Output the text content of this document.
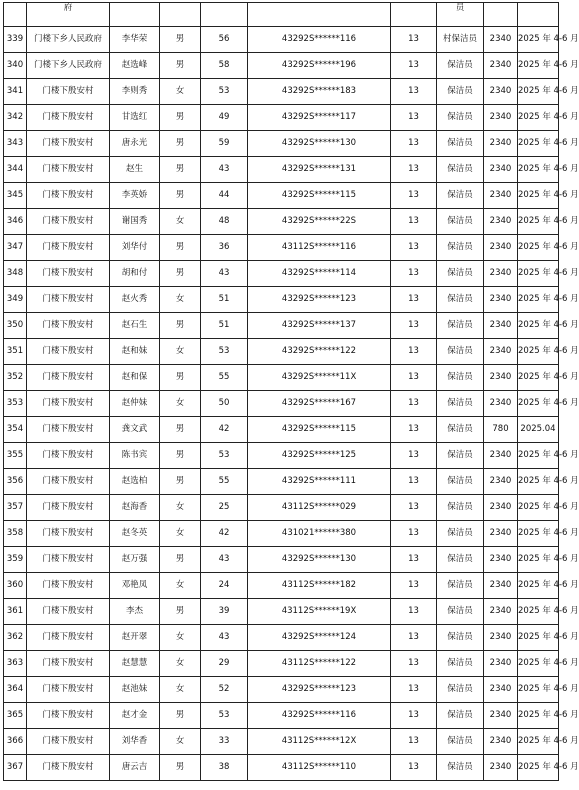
	府						员		
339	门楼下乡人民政府	李华荣	男	56	43292S******116	13	村保洁员	2340	2025 年 4-6 月
340	门楼下乡人民政府	赵选峰	男	58	43292S******196	13	保洁员	2340	2025 年 4-6 月
341	门楼下殷安村	李则秀	女	53	43292S******183	13	保洁员	2340	2025 年 4-6 月
342	门楼下殷安村	甘选红	男	49	43292S******117	13	保洁员	2340	2025 年 4-6 月
343	门楼下殷安村	唐永光	男	59	43292S******130	13	保洁员	2340	2025 年 4-6 月
344	门楼下殷安村	赵生	男	43	43292S******131	13	保洁员	2340	2025 年 4-6 月
345	门楼下殷安村	李英娇	男	44	43292S******115	13	保洁员	2340	2025 年 4-6 月
346	门楼下殷安村	谢国秀	女	48	43292S******22S	13	保洁员	2340	2025 年 4-6 月
347	门楼下殷安村	刘华付	男	36	43112S******116	13	保洁员	2340	2025 年 4-6 月
348	门楼下殷安村	胡和付	男	43	43292S******114	13	保洁员	2340	2025 年 4-6 月
349	门楼下殷安村	赵火秀	女	51	43292S******123	13	保洁员	2340	2025 年 4-6 月
350	门楼下殷安村	赵石生	男	51	43292S******137	13	保洁员	2340	2025 年 4-6 月
351	门楼下殷安村	赵和妹	女	53	43292S******122	13	保洁员	2340	2025 年 4-6 月
352	门楼下殷安村	赵和保	男	55	43292S******11X	13	保洁员	2340	2025 年 4-6 月
353	门楼下殷安村	赵仲妹	女	50	43292S******167	13	保洁员	2340	2025 年 4-6 月
354	门楼下殷安村	龚文武	男	42	43292S******115	13	保洁员	780	2025.04
355	门楼下殷安村	陈书宾	男	53	43292S******125	13	保洁员	2340	2025 年 4-6 月
356	门楼下殷安村	赵选柏	男	55	43292S******111	13	保洁员	2340	2025 年 4-6 月
357	门楼下殷安村	赵海香	女	25	43112S******029	13	保洁员	2340	2025 年 4-6 月
358	门楼下殷安村	赵冬英	女	42	431021******380	13	保洁员	2340	2025 年 4-6 月
359	门楼下殷安村	赵万强	男	43	43292S******130	13	保洁员	2340	2025 年 4-6 月
360	门楼下殷安村	邓艳凤	女	24	43112S******182	13	保洁员	2340	2025 年 4-6 月
361	门楼下殷安村	李杰	男	39	43112S******19X	13	保洁员	2340	2025 年 4-6 月
362	门楼下殷安村	赵开翠	女	43	43292S******124	13	保洁员	2340	2025 年 4-6 月
363	门楼下殷安村	赵慧慧	女	29	43112S******122	13	保洁员	2340	2025 年 4-6 月
364	门楼下殷安村	赵池妹	女	52	43292S******123	13	保洁员	2340	2025 年 4-6 月
365	门楼下殷安村	赵才金	男	53	43292S******116	13	保洁员	2340	2025 年 4-6 月
366	门楼下殷安村	刘华香	女	33	43112S******12X	13	保洁员	2340	2025 年 4-6 月
367	门楼下殷安村	唐云吉	男	38	43112S******110	13	保洁员	2340	2025 年 4-6 月
